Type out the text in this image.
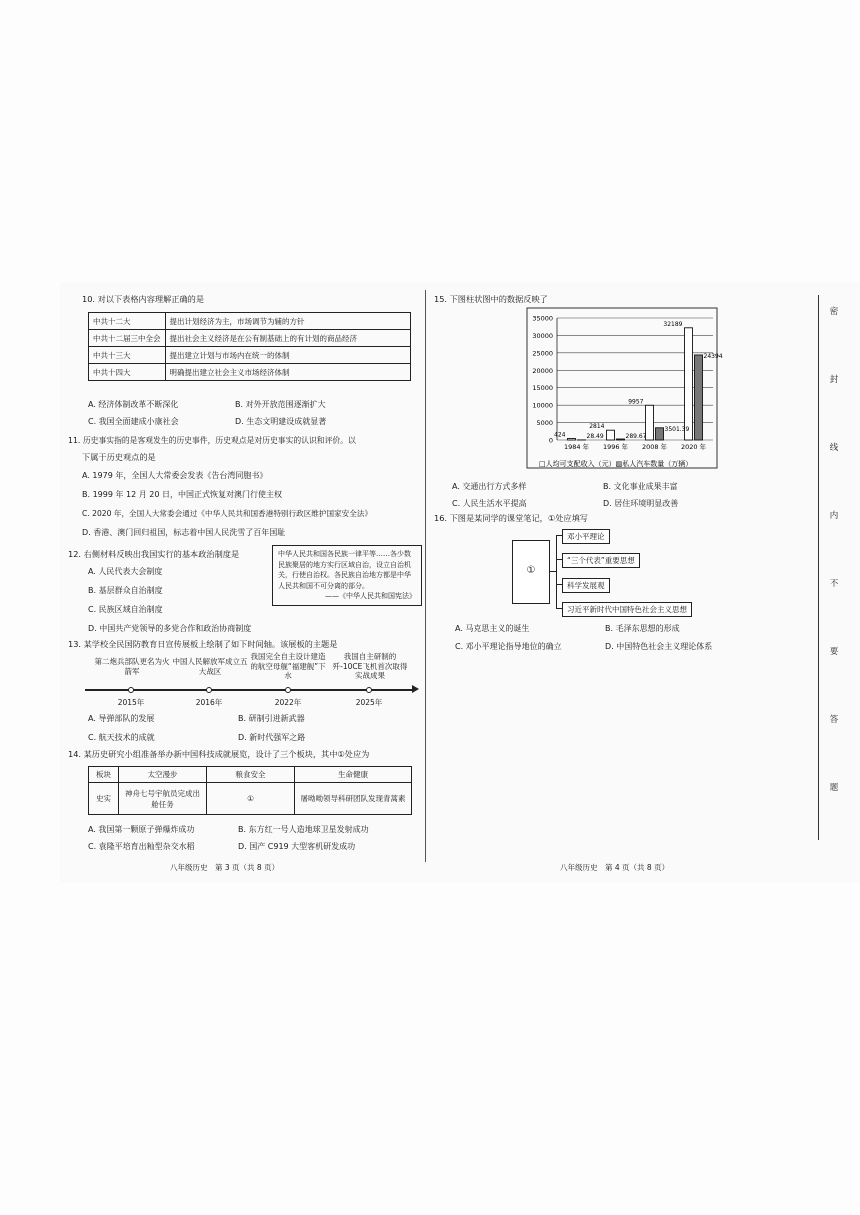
10. 对以下表格内容理解正确的是
中共十二大	提出计划经济为主，市场调节为辅的方针
中共十二届三中全会	提出社会主义经济是在公有制基础上的有计划的商品经济
中共十三大	提出建立计划与市场内在统一的体制
中共十四大	明确提出建立社会主义市场经济体制
A. 经济体制改革不断深化	B. 对外开放范围逐渐扩大
C. 我国全面建成小康社会	D. 生态文明建设成就显著
11. 历史事实指的是客观发生的历史事件，历史观点是对历史事实的认识和评价。以
下属于历史观点的是
A. 1979 年，全国人大常委会发表《告台湾同胞书》
B. 1999 年 12 月 20 日，中国正式恢复对澳门行使主权
C. 2020 年，全国人大常委会通过《中华人民共和国香港特别行政区维护国家安全法》
D. 香港、澳门回归祖国，标志着中国人民洗雪了百年国耻
12. 右侧材料反映出我国实行的基本政治制度是	中华人民共和国各民族一律平等……各少数民族聚居的地方实行区域自治，设立自治机关，行使自治权。各民族自治地方都是中华人民共和国不可分离的部分。
——《中华人民共和国宪法》
A. 人民代表大会制度
B. 基层群众自治制度
C. 民族区域自治制度
D. 中国共产党领导的多党合作和政治协商制度
13. 某学校全民国防教育日宣传展板上绘制了如下时间轴。该展板的主题是
第二炮兵部队更名为火箭军
中国人民解放军成立五大战区
我国完全自主设计建造的航空母舰“福建舰”下水
我国自主研制的歼-10CE飞机首次取得实战成果
2015年	2016年	2022年	2025年
A. 导弹部队的发展	B. 研制引进新武器
C. 航天技术的成就	D. 新时代强军之路
14. 某历史研究小组准备举办新中国科技成就展览，设计了三个板块，其中①处应为
板块	太空漫步	粮食安全	生命健康
史实	神舟七号宇航员完成出舱任务	①	屠呦呦领导科研团队发现青蒿素
A. 我国第一颗原子弹爆炸成功	B. 东方红一号人造地球卫星发射成功
C. 袁隆平培育出籼型杂交水稻	D. 国产 C919 大型客机研发成功
八年级历史　第 3 页（共 8 页）
15. 下图柱状图中的数据反映了
0
5000
10000
15000
20000
25000
30000
35000
424	28.49
2814
289.67
9957
3501.39
32189
24394
1984 年 1996 年 2008 年 2020 年
□人均可支配收入（元）▨私人汽车数量（万辆）
A. 交通出行方式多样	B. 文化事业成果丰富
C. 人民生活水平提高	D. 居住环境明显改善
16. 下图是某同学的课堂笔记，①处应填写
①
邓小平理论
“三个代表”重要思想
科学发展观
习近平新时代中国特色社会主义思想
A. 马克思主义的诞生	B. 毛泽东思想的形成
C. 邓小平理论指导地位的确立	D. 中国特色社会主义理论体系
八年级历史　第 4 页（共 8 页）
密
封
线
内
不
要
答
题
